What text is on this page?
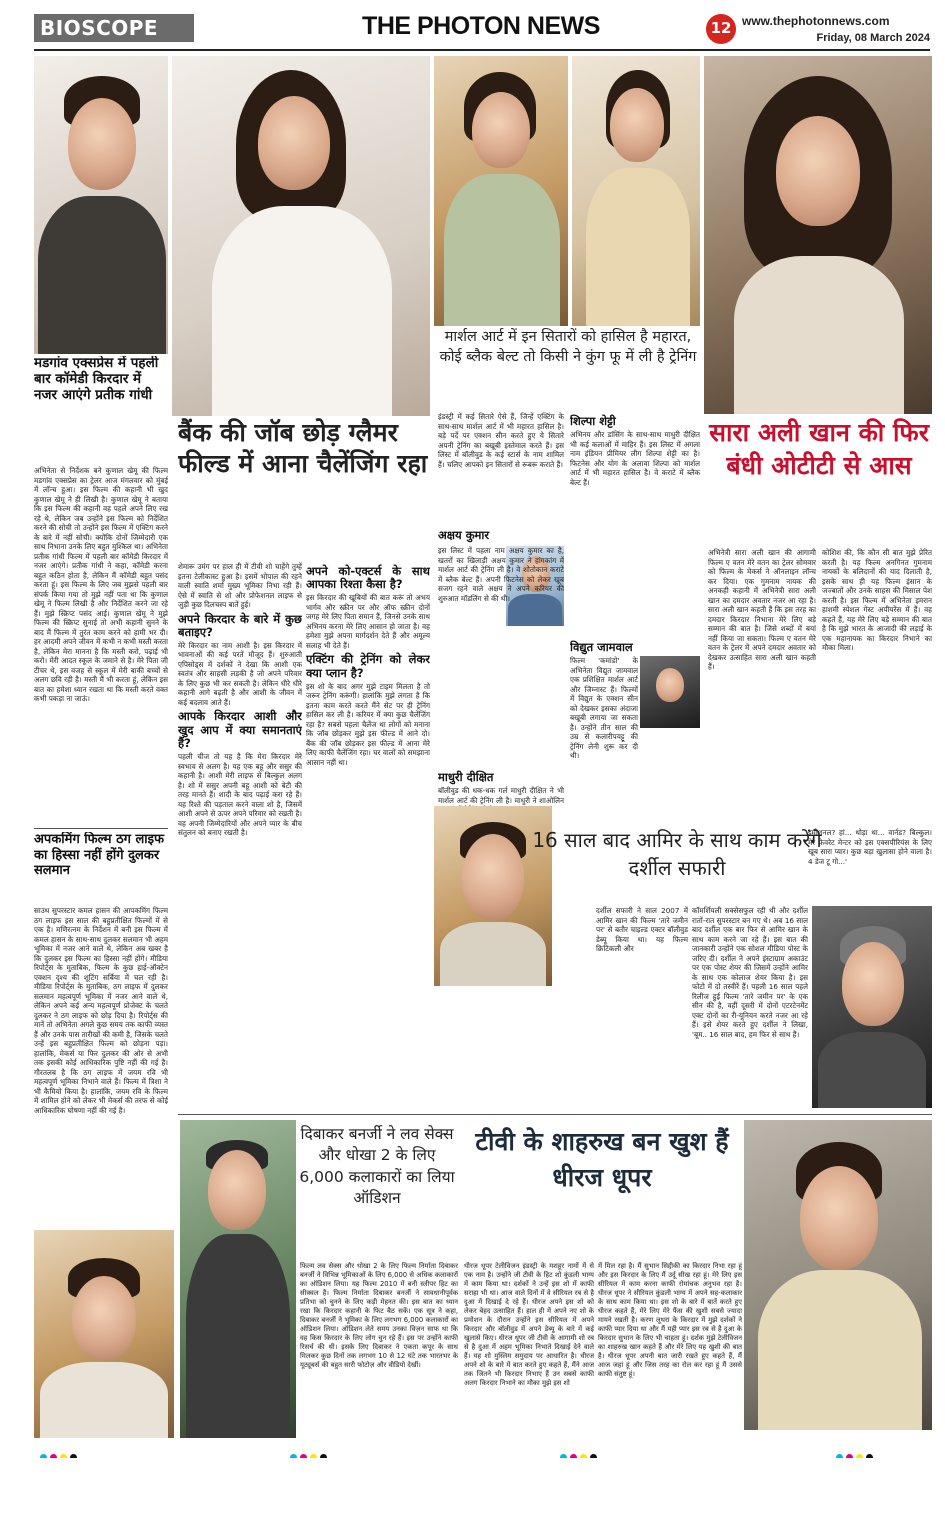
BIOSCOPE	THE PHOTON NEWS	12 www.thephotonnews.com
Friday, 08 March 2024
मडगांव एक्सप्रेस में पहली बार कॉमेडी किरदार में नजर आएंगे प्रतीक गांधी
अभिनेता से निर्देशक बने कुणाल खेमू की फिल्म मडगांव एक्सप्रेस का ट्रेलर आज मंगलवार को मुंबई में लॉन्च हुआ। इस फिल्म की कहानी भी खुद कुणाल खेमू ने ही लिखी है। कुणाल खेमू ने बताया कि इस फिल्म की कहानी वह पहले अपने लिए रख रहे थे, लेकिन जब उन्होंने इस फिल्म को निर्देशित करने की सोची तो उन्होंने इस फिल्म में एक्टिंग करने के बारे में नहीं सोची। क्योंकि दोनों जिम्मेदारी एक साथ निभाना उनके लिए बहुत मुश्किल था। अभिनेता प्रतीक गांधी फिल्म में पहली बार कॉमेडी किरदार में नजर आएंगे। प्रतीक गांधी ने कहा, कॉमेडी करना बहुत कठिन होता है, लेकिन मैं कॉमेडी बहुत पसंद करता हूं। इस फिल्म के लिए जब मुझसे पहली बार संपर्क किया गया तो मुझे नहीं पता था कि कुणाल खेमू ने फिल्म लिखी है और निर्देशित करने जा रहे हैं। मुझे स्क्रिप्ट पसंद आई। कुणाल खेमू ने मुझे फिल्म की स्क्रिप्ट सुनाई तो अभी कहानी सुनने के बाद मैं फिल्म में तुरंत काम करने को हामी भर दी। हर आदमी अपने जीवन में कभी न कभी मस्ती करता है, लेकिन मेरा मानना है कि मस्ती करो, पढ़ाई भी करो। मेरी आदत स्कूल के जमाने से है। मेरे पिता जी टीचर थे, इस वजह से स्कूल में मेरी बाकी बच्चों से अलग छवि रही है। मस्ती मैं भी करता हूं, लेकिन इस बात का हमेशा ध्यान रखता था कि मस्ती करते वक्त कभी पकड़ा ना जाऊं।
अपकमिंग फिल्म ठग लाइफ का हिस्सा नहीं होंगे दुलकर सलमान
साउथ सुपरस्टार कमल हासन की आपकमिंग फिल्म ठग लाइफ इस साल की बहुप्रतीक्षित फिल्मों में से एक है। मणिरत्नम के निर्देशन में बनी इस फिल्म में कमल हासन के साथ-साथ दुलकर सलमान भी अहम भूमिका में नजर आने वाले थे, लेकिन अब खबर है कि दुलकर इस फिल्म का हिस्सा नहीं होंगे। मीडिया रिपोर्ट्स के मुताबिक, फिल्म के कुछ हाई-ऑक्टेन एक्शन दृश्य की शूटिंग सर्बिया में चल रही है। मीडिया रिपोर्ट्स के मुताबिक, ठग लाइफ में दुलकर सलमान महत्वपूर्ण भूमिका में नजर आने वाले थे, लेकिन अपने कई अन्य महत्वपूर्ण प्रोजेक्ट के चलते दुलकर ने ठग लाइफ को छोड़ दिया है। रिपोर्ट्स की मानें तो अभिनेता अगले कुछ समय तक काफी व्यस्त हैं और उनके पास तारीखों की कमी है, जिसके चलते उन्हें इस बहुप्रतीक्षित फिल्म को छोड़ना पड़ा। हालांकि, मेकर्स या फिर दुलकर की ओर से अभी तक इसकी कोई आधिकारिक पुष्टि नहीं की गई है। गौरतलब है कि ठग लाइफ में जयम रवि भी महत्वपूर्ण भूमिका निभाने वाले हैं। फिल्म में त्रिशा ने भी कैमियो किया है। हालांकि, जयम रवि के फिल्म में शामिल होने को लेकर भी मेकर्स की तरफ से कोई आधिकारिक घोषणा नहीं की गई है।
बैंक की जॉब छोड़ ग्लैमर फील्ड में आना चैलेंजिंग रहा

शेमारू उमंग पर हाल ही में टीवी शो चाहेंगे तुम्हें इतना टेलीकास्ट हुआ है। इसमें भोपाल की रहने वाली स्वाति शर्मा मुख्य भूमिका निभा रही हैं। ऐसे में स्वाति से शो और प्रोफेशनल लाइफ से जुड़ी कुछ दिलचस्प बातें हुई।

अपने किरदार के बारे में कुछ बताइए?

मेरे किरदार का नाम आशी है। इस किरदार में भावनाओं की कई परतें मौजूद हैं। शुरुआती एपिसोड्स में दर्शकों ने देखा कि आशी एक स्वतंत्र और साहसी लड़की है जो अपने परिवार के लिए कुछ भी कर सकती है। लेकिन धीरे धीरे कहानी आगे बढ़ती है और आशी के जीवन में कई बदलाव आते हैं।

आपके किरदार आशी और खुद आप में क्या समानताएं हैं?

पहली चीज तो यह है कि मेरा किरदार मेरे स्वभाव से अलग है। यह एक बहू और ससुर की कहानी है। आशी मेरी लाइफ से बिल्कुल अलग है। शो में ससुर अपनी बहू आशी को बेटी की तरह मानते हैं। शादी के बाद पढ़ाई करा रहे हैं। यह रिश्ते की पड़ताल करने वाला शो है, जिसमें आशी अपने से ऊपर अपने परिवार को रखती है। वह अपनी जिम्मेदारियों और अपने प्यार के बीच संतुलन को बनाए रखती है।

अपने को-एक्टर्स के साथ आपका रिश्ता कैसा है?

इस किरदार की खूबियों की बात करूं तो अभय भार्गव और स्क्रीन पर और ऑफ स्क्रीन दोनों जगह मेरे लिए पिता समान हैं, जिनसे उनके साथ अभिनय करना मेरे लिए आसान हो जाता है। वह हमेशा मुझे अपना मार्गदर्शन देते हैं और अमूल्य सलाह भी देते हैं।

एक्टिंग की ट्रेनिंग को लेकर क्या प्लान है?

इस शो के बाद अगर मुझे टाइम मिलता है तो जरूर ट्रेनिंग करूंगी। हालांकि मुझे लगता है कि इतना काम करते करते मैंने सेट पर ही ट्रेनिंग हासिल कर ली है। करियर में क्या कुछ चैलेंजिंग रहा है? सबसे पहला चैलेंज था लोगों को मनाना कि जॉब छोड़कर मुझे इस फील्ड में आने दो। बैंक की जॉब छोड़कर इस फील्ड में आना मेरे लिए काफी चैलेंजिंग रहा। घर वालों को समझाना आसान नहीं था।

मार्शल आर्ट में इन सितारों को हासिल है महारत, कोई ब्लैक बेल्ट तो किसी ने कुंग फू में ली है ट्रेनिंग
इंडस्ट्री में कई सितारे ऐसे हैं, जिन्हें एक्टिंग के साथ-साथ मार्शल आर्ट में भी महारत हासिल है। बड़े पर्दे पर एक्शन सीन करते हुए ये सितारे अपनी ट्रेनिंग का बखूबी इस्तेमाल करते हैं। इस लिस्ट में बॉलीवुड के कई स्टार्स के नाम शामिल हैं। चलिए आपको इन सितारों से रूबरू कराते हैं।

शिल्पा शेट्टी

अभिनय और डांसिंग के साथ-साथ माधुरी दीक्षित भी कई कलाओं में माहिर हैं। इस लिस्ट में अगला नाम इंडियन प्रीमियर लीग शिल्पा शेट्टी का है। फिटनेस और योग के अलावा शिल्पा को मार्शल आर्ट में भी महारत हासिल है। वे कराटे में ब्लैक बेल्ट हैं।

अक्षय कुमार
इस लिस्ट में पहला नाम अक्षय कुमार का है, खतरों का खिलाड़ी अक्षय कुमार ने हांगकांग में मार्शल आर्ट की ट्रेनिंग ली है। वे शोतोकान कराटे में ब्लैक बेल्ट हैं। अपनी फिटनेस को लेकर खूब सजग रहने वाले अक्षय ने अपने करियर की शुरुआत मॉडलिंग से की थी।
विद्युत जामवाल
फिल्म 'कमांडो' के अभिनेता विद्युत जामवाल एक प्रशिक्षित मार्शल आर्ट और जिम्नास्ट हैं। फिल्मों में विद्युत के एक्शन सीन को देखकर इसका अंदाजा बखूबी लगाया जा सकता है। उन्होंने तीन साल की उम्र से कलारीपयट्टू की ट्रेनिंग लेनी शुरू कर दी थी।
माधुरी दीक्षित
बॉलीवुड की धक-धक गर्ल माधुरी दीक्षित ने भी मार्शल आर्ट की ट्रेनिंग ली है। माधुरी ने शाओलिन
16 साल बाद आमिर के साथ काम करेंगे दर्शील सफारी
दर्शील सफारी ने साल 2007 में आमिर खान की फिल्म 'तारे जमीन पर' से बतौर चाइल्ड एक्टर बॉलीवुड डेब्यू किया था। यह फिल्म क्रिटिकली और
कॉमर्शियली सक्सेसफुल रही थी और दर्शील रातों-रात सुपरस्टार बन गए थे। अब 16 साल बाद दर्शील एक बार फिर से आमिर खान के साथ काम करने जा रहे हैं। इस बात की जानकारी उन्होंने एक सोशल मीडिया पोस्ट के जरिए दी। दर्शील ने अपने इंस्टाग्राम अकाउंट पर एक पोस्ट शेयर की जिसमें उन्होंने आमिर के साथ एक कोलाज शेयर किया है। इस फोटो में दो तस्वीरें हैं। पहली 16 साल पहले रिलीज हुई फिल्म 'तारे जमीन पर' के एक सीन की है, वहीं दूसरी में दोनों एटरटेनमेंट एक्ट दोनों का री-यूनियन करते नजर आ रहे हैं। इसे शेयर करते हुए दर्शील ने लिखा, 'बूम.. 16 साल बाद, हम फिर से साथ हैं।
सारा अली खान की फिर बंधी ओटीटी से आस
अभिनेत्री सारा अली खान की आगामी फिल्म ए वतन मेरे वतन का ट्रेलर सोमवार को फिल्म के मेकर्स ने ऑनलाइन लॉन्च कर दिया। एक गुमनाम नायक की अनकही कहानी में अभिनेत्री सारा अली खान का दमदार अवतार नजर आ रहा है। सारा अली खान कहती हैं कि इस तरह का दमदार किरदार निभाना मेरे लिए बड़े सम्मान की बात है। जिसे शब्दों में बयां नहीं किया जा सकता। फिल्म ए वतन मेरे वतन के ट्रेलर में अपने दमदार अवतार को देखकर उत्साहित सारा अली खान कहती हैं।
कोशिश की, कि कौन सी बात मुझे प्रेरित करती है। यह फिल्म अनगिनत गुमनाम नायकों के बलिदानों की याद दिलाती है, इसके साथ ही यह फिल्म इंसान के जज्बातों और उनके साहस की मिसाल पेश करती है। इस फिल्म में अभिनेता इमरान हाशमी स्पेशल गेस्ट अपीयरेंस में हैं। वह कहते हैं, यह मेरे लिए बड़े सम्मान की बात है कि मुझे भारत के आजादी की लड़ाई के एक महानायक का किरदार निभाने का मौका मिला।
इमोशनल? हां... थोड़ा था... वार्नड? बिल्कुल। मेरे फेवरेट मेन्टर को इस एक्सपीरियंस के लिए खूब सारा प्यार। कुछ बड़ा खुलासा होने वाला है। 4 डेज टू गो...'
दिबाकर बनर्जी ने लव सेक्स और धोखा 2 के लिए 6,000 कलाकारों का लिया ऑडिशन
फिल्म लव सेक्स और धोखा 2 के लिए फिल्म निर्माता दिबाकर बनर्जी ने विभिन्न भूमिकाओं के लिए 6,000 से अधिक कलाकारों का ऑडिशन लिया। यह फिल्म 2010 में बनी स्लीपर हिट का सीक्वल है। फिल्म निर्माता दिबाकर बनर्जी ने सावधानीपूर्वक प्रतिभा को चुनने के लिए कड़ी मेहनत की। इस बात का ध्यान रखा कि किरदार कहानी के फिट बैठ सकें। एक सूत्र ने कहा, दिबाकर बनर्जी ने भूमिका के लिए लगभग 6,000 कलाकारों का ऑडिशन लिया। ऑडिशन लेते समय उनका विज़न साफ था कि वह किस किरदार के लिए लोग चुन रहे हैं। इस पर उन्होंने काफी रिसर्च की थी। इसके लिए दिबाकर ने एकता कपूर के साथ मिलकर कुछ दिनों तक लगभग 10 से 12 घंटे तक भारतभर के यूट्यूबर्स की बहुत सारी फोटोज़ और वीडियो देखीं।
टीवी के शाहरुख बन खुश हैं धीरज धूपर
धीरज धूपर टेलीविजन इंडस्ट्री के मशहूर नामों में से एक नाम है। उन्होंने जी टीवी के हिट शो कुंडली भाग्य में काम किया था। दर्शकों ने उन्हें इस शो में काफी सराहा भी था। आज वाले दिनों में वे सीरियल रब से है दुआ में दिखाई दे रहे हैं। धीरज अपने इस शो को लेकर बेहद उत्साहित हैं। हाल ही में अपने नए शो के प्रमोशन के दौरान उन्होंने इस सीरियल में अपने किरदार और बॉलीवुड में अपने डेब्यू के बारे में कई खुलासे किए। धीरज धूपर जी टीवी के आगामी शो रब से है दुआ में अहम भूमिका निभाते दिखाई देने वाले हैं। यह शो मुस्लिम समुदाय पर आधारित है। धीरज अपने शो के बारे में बात करते हुए कहते हैं, मैंने आज तक जितने भी किरदार निभाए हैं उन सबसे काफी अलग किरदार निभाने का मौका मुझे इस शो
में मिल रहा है। मैं सुभान सिद्दीकी का किरदार निभा रहा हूं और इस किरदार के लिए मैं उर्दू सीख रहा हूं। मेरे लिए इस सीरियल में काम करना काफी रोमांचक अनुभव रहा है। धीरज धूपर ने सीरियल कुंडली भाग्य में अपने सह-कलाकार के साथ काम किया था। इस शो के बारे में बातें करते हुए धीरज कहते हैं, मेरे लिए मेरे फैंस की खुशी सबसे ज्यादा मायने रखती है। करण लूथरा के किरदार में मुझे दर्शकों ने काफी प्यार दिया था और मैं यही प्यार इस रब से है दुआ के किरदार सुभान के लिए भी चाहता हूं। दर्शक मुझे टेलीविजन का शाहरुख खान कहते हैं और मेरे लिए यह खुशी की बात है। धीरज धूपर अपनी बात जारी रखते हुए कहते हैं, मैं आज जहां हूं और जिस तरह का रोल कर रहा हूं मैं उससे काफी संतुष्ट हूं।
